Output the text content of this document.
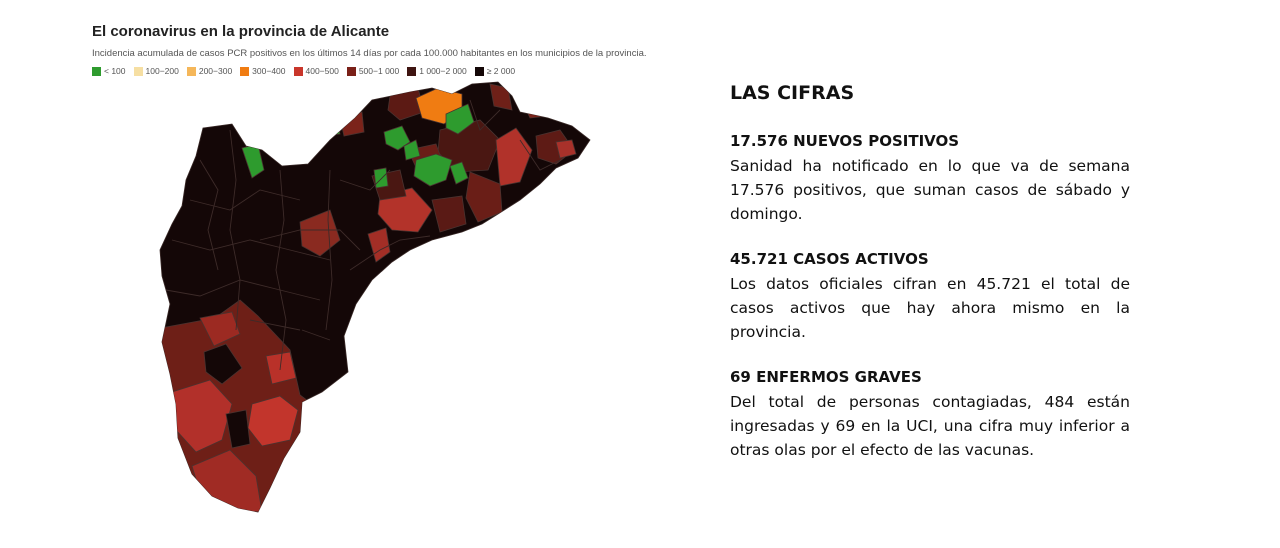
El coronavirus en la provincia de Alicante
Incidencia acumulada de casos PCR positivos en los últimos 14 días por cada 100.000 habitantes en los municipios de la provincia.
< 100 100−200 200−300 300−400 400−500 500−1 000 1 000−2 000 ≥ 2 000
LAS CIFRAS
17.576 NUEVOS POSITIVOS

Sanidad ha notificado en lo que va de semana 17.576 positivos, que suman casos de sábado y domingo.

45.721 CASOS ACTIVOS

Los datos oficiales cifran en 45.721 el total de casos activos que hay ahora mismo en la provincia.

69 ENFERMOS GRAVES

Del total de personas contagiadas, 484 están ingresadas y 69 en la UCI, una cifra muy inferior a otras olas por el efecto de las vacunas.
